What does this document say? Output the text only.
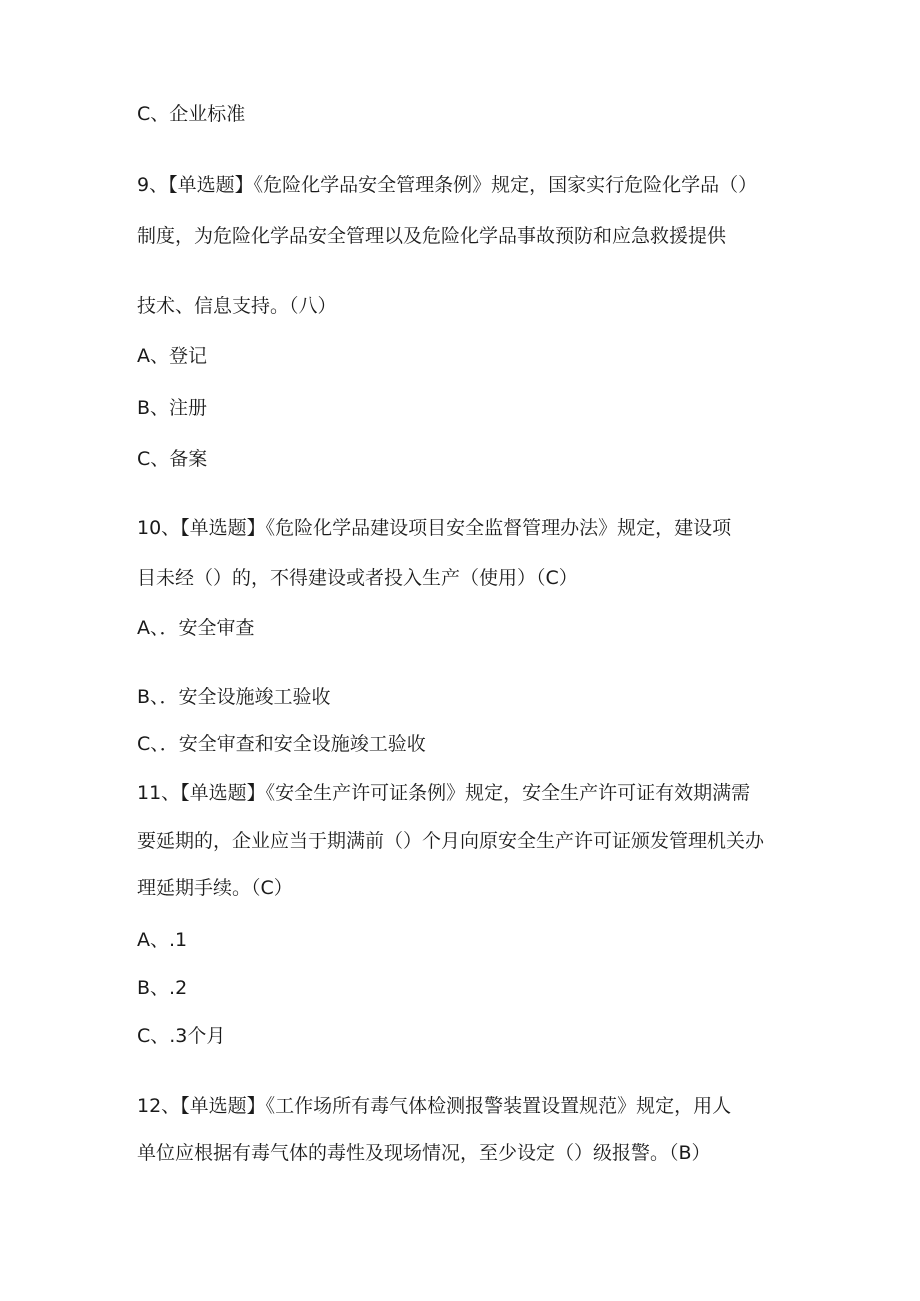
C、企业标准

9、【单选题】《危险化学品安全管理条例》规定，国家实行危险化学品（）

制度，为危险化学品安全管理以及危险化学品事故预防和应急救援提供

技术、信息支持。（八）

A、登记

B、注册

C、备案

10、【单选题】《危险化学品建设项目安全监督管理办法》规定，建设项

目未经（）的，不得建设或者投入生产（使用）（C）

A、．安全审查

B、．安全设施竣工验收

C、．安全审查和安全设施竣工验收

11、【单选题】《安全生产许可证条例》规定，安全生产许可证有效期满需

要延期的，企业应当于期满前（）个月向原安全生产许可证颁发管理机关办

理延期手续。（C）

A、.1

B、.2

C、.3个月

12、【单选题】《工作场所有毒气体检测报警装置设置规范》规定，用人

单位应根据有毒气体的毒性及现场情况，至少设定（）级报警。（B）
